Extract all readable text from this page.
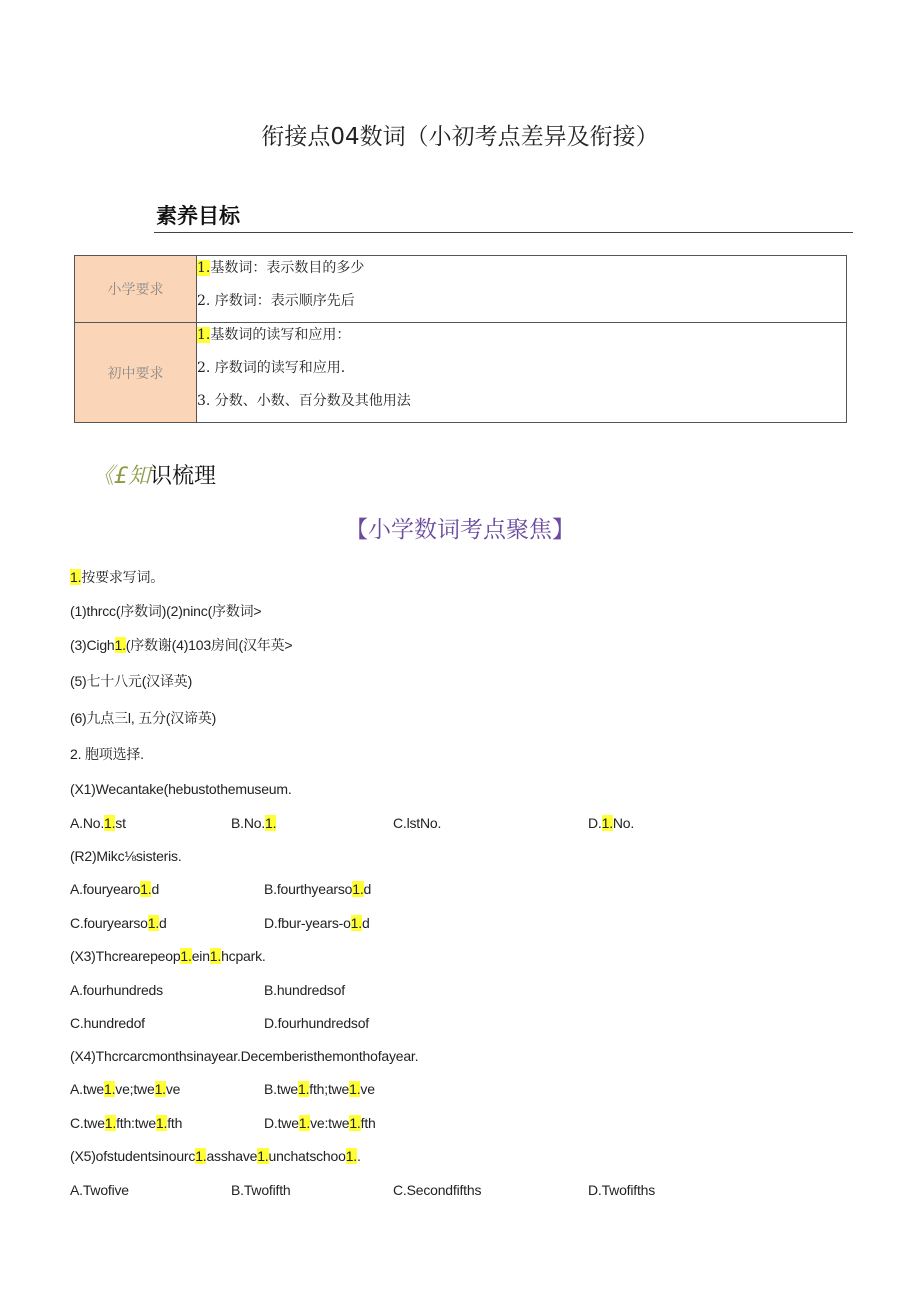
衔接点04数词（小初考点差异及衔接）
素养目标
小学要求	1.基数词：表示数目的多少
2. 序数词：表示顺序先后

初中要求	1.基数词的读写和应用：
2. 序数词的读写和应用.
3. 分数、小数、百分数及其他用法
《£知识梳理
【小学数词考点聚焦】
1.按要求写词。
(1)thrcc(序数词)(2)ninc(序数词>
(3)Cigh1.(序数谢(4)103房间(汉年英>
(5)七十八元(汉译英)
(6)九点三l, 五分(汉谛英)
2. 胞项选择.
(X1)Wecantake(hebustothemuseum.
A.No.1.st	B.No.1.	C.lstNo.	D.1.No.
(R2)Mikc⅛sisteris.
A.fouryearo1.d	B.fourthyearso1.d
C.fouryearso1.d	D.fbur-years-o1.d
(X3)Thcrearepeop1.ein1.hcpark.
A.fourhundreds	B.hundredsof
C.hundredof	D.fourhundredsof
(X4)Thcrcarcmonthsinayear.Decemberisthemonthofayear.
A.twe1.ve;twe1.ve	B.twe1.fth;twe1.ve
C.twe1.fth:twe1.fth	D.twe1.ve:twe1.fth
(X5)ofstudentsinourc1.asshave1.unchatschoo1..
A.Twofive	B.Twofifth	C.Secondfifths	D.Twofifths
